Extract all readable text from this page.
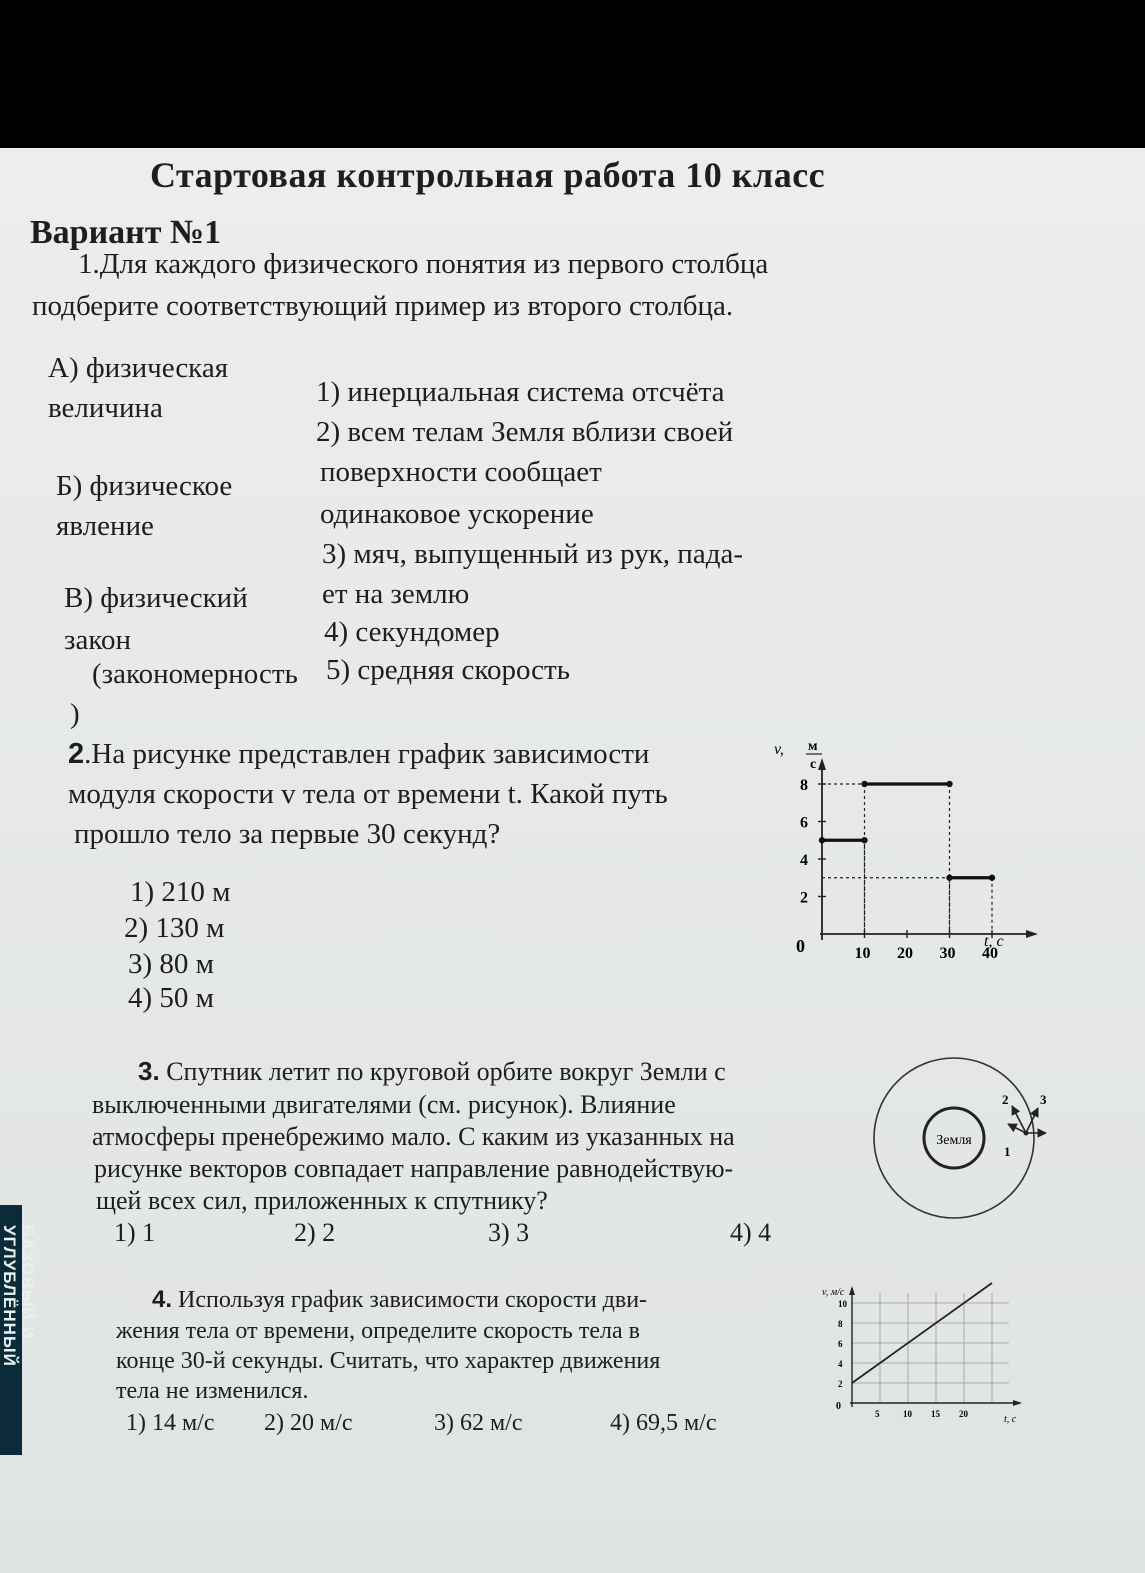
Стартовая контрольная работа 10 класс
Вариант №1
1.Для каждого физического понятия из первого столбца
подберите соответствующий пример из второго столбца.
А) физическая
величина
Б) физическое
явление
В) физический
закон
(закономерность
)
1) инерциальная система отсчёта
2) всем телам Земля вблизи своей
поверхности сообщает
одинаковое ускорение
3) мяч, выпущенный из рук, пада-
ет на землю
4) секундомер
5) средняя скорость
2.На рисунке представлен график зависимости
модуля скорости v тела от времени t. Какой путь
прошло тело за первые 30 секунд?
1) 210 м
2) 130 м
3) 80 м
4) 50 м
v, м
с
0	t, с
2
4
6
8
10 20 30 40
3. Спутник летит по круговой орбите вокруг Земли с
выключенными двигателями (см. рисунок). Влияние
атмосферы пренебрежимо мало. С каким из указанных на
рисунке векторов совпадает направление равнодействую-
щей всех сил, приложенных к спутнику?
1) 1	2) 2	3) 3	4) 4
Земля
1
2 3
4. Используя график зависимости скорости дви-
жения тела от времени, определите скорость тела в
конце 30-й секунды. Считать, что характер движения
тела не изменился.
1) 14 м/с 2) 20 м/с	3) 62 м/с	4) 69,5 м/с
v, м/с
0
t, с
2
4
6
8
10
5	10 15 20
БАЗОВЫЙ И
УГЛУБЛЁННЫЙ
